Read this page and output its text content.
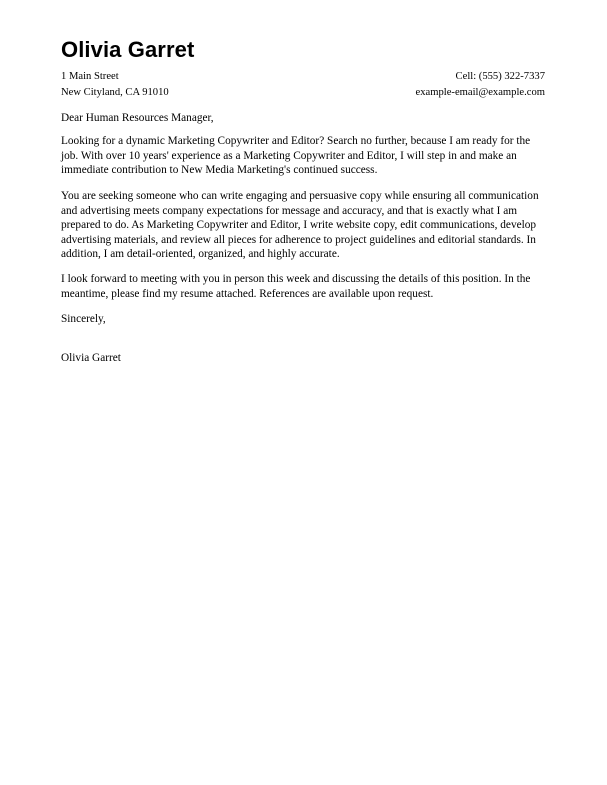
Olivia Garret
1 Main Street	Cell: (555) 322-7337
New Cityland, CA 91010	example-email@example.com

Dear Human Resources Manager,

Looking for a dynamic Marketing Copywriter and Editor? Search no further, because I am ready for the job. With over 10 years' experience as a Marketing Copywriter and Editor, I will step in and make an immediate contribution to New Media Marketing's continued success.

You are seeking someone who can write engaging and persuasive copy while ensuring all communication and advertising meets company expectations for message and accuracy, and that is exactly what I am prepared to do. As Marketing Copywriter and Editor, I write website copy, edit communications, develop advertising materials, and review all pieces for adherence to project guidelines and editorial standards. In addition, I am detail-oriented, organized, and highly accurate.

I look forward to meeting with you in person this week and discussing the details of this position. In the meantime, please find my resume attached. References are available upon request.

Sincerely,

Olivia Garret
